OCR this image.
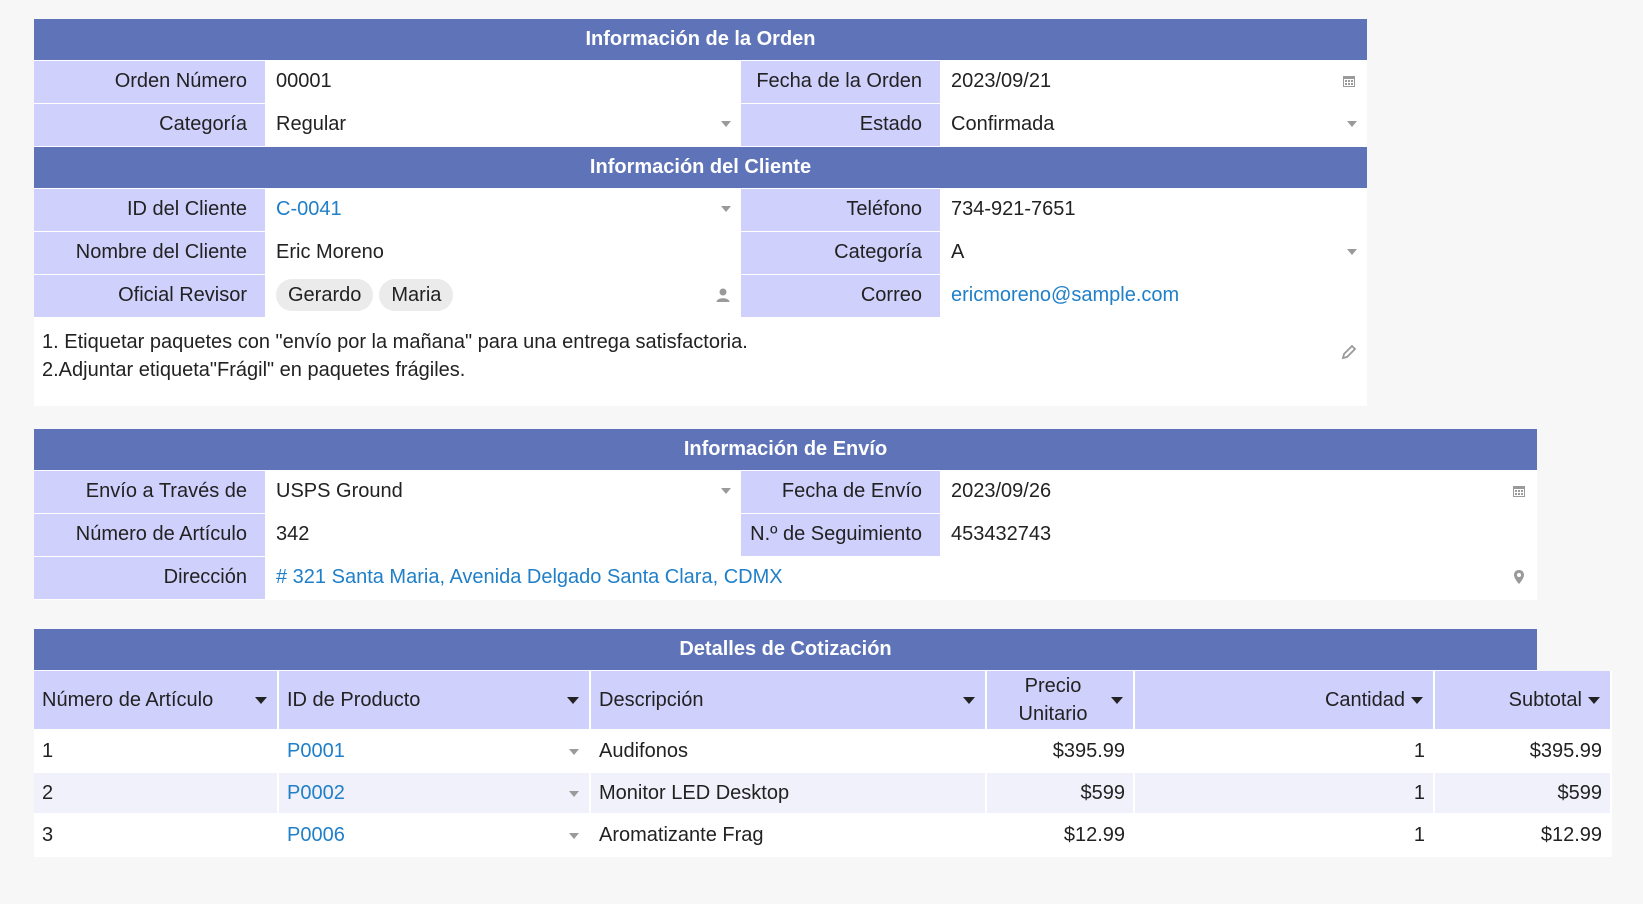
Información de la Orden
Orden Número	00001	Fecha de la Orden	2023/09/21
Categoría	Regular	Estado	Confirmada
Información del Cliente
ID del Cliente	C-0041	Teléfono	734-921-7651
Nombre del Cliente	Eric Moreno	Categoría	A
Oficial Revisor	Gerardo Maria	Correo	ericmoreno@sample.com
1. Etiquetar paquetes con "envío por la mañana" para una entrega satisfactoria.
2.Adjuntar etiqueta"Frágil" en paquetes frágiles.
Información de Envío
Envío a Través de	USPS Ground	Fecha de Envío	2023/09/26
Número de Artículo	342	N.º de Seguimiento	453432743
Dirección	# 321 Santa Maria, Avenida Delgado Santa Clara, CDMX
Detalles de Cotización
Número de Artículo	ID de Producto	Descripción	Precio Unitario	Cantidad	Subtotal

1	P0001	Audifonos	$395.99	1	$395.99
2	P0002	Monitor LED Desktop	$599	1	$599
3	P0006	Aromatizante Frag	$12.99	1	$12.99
